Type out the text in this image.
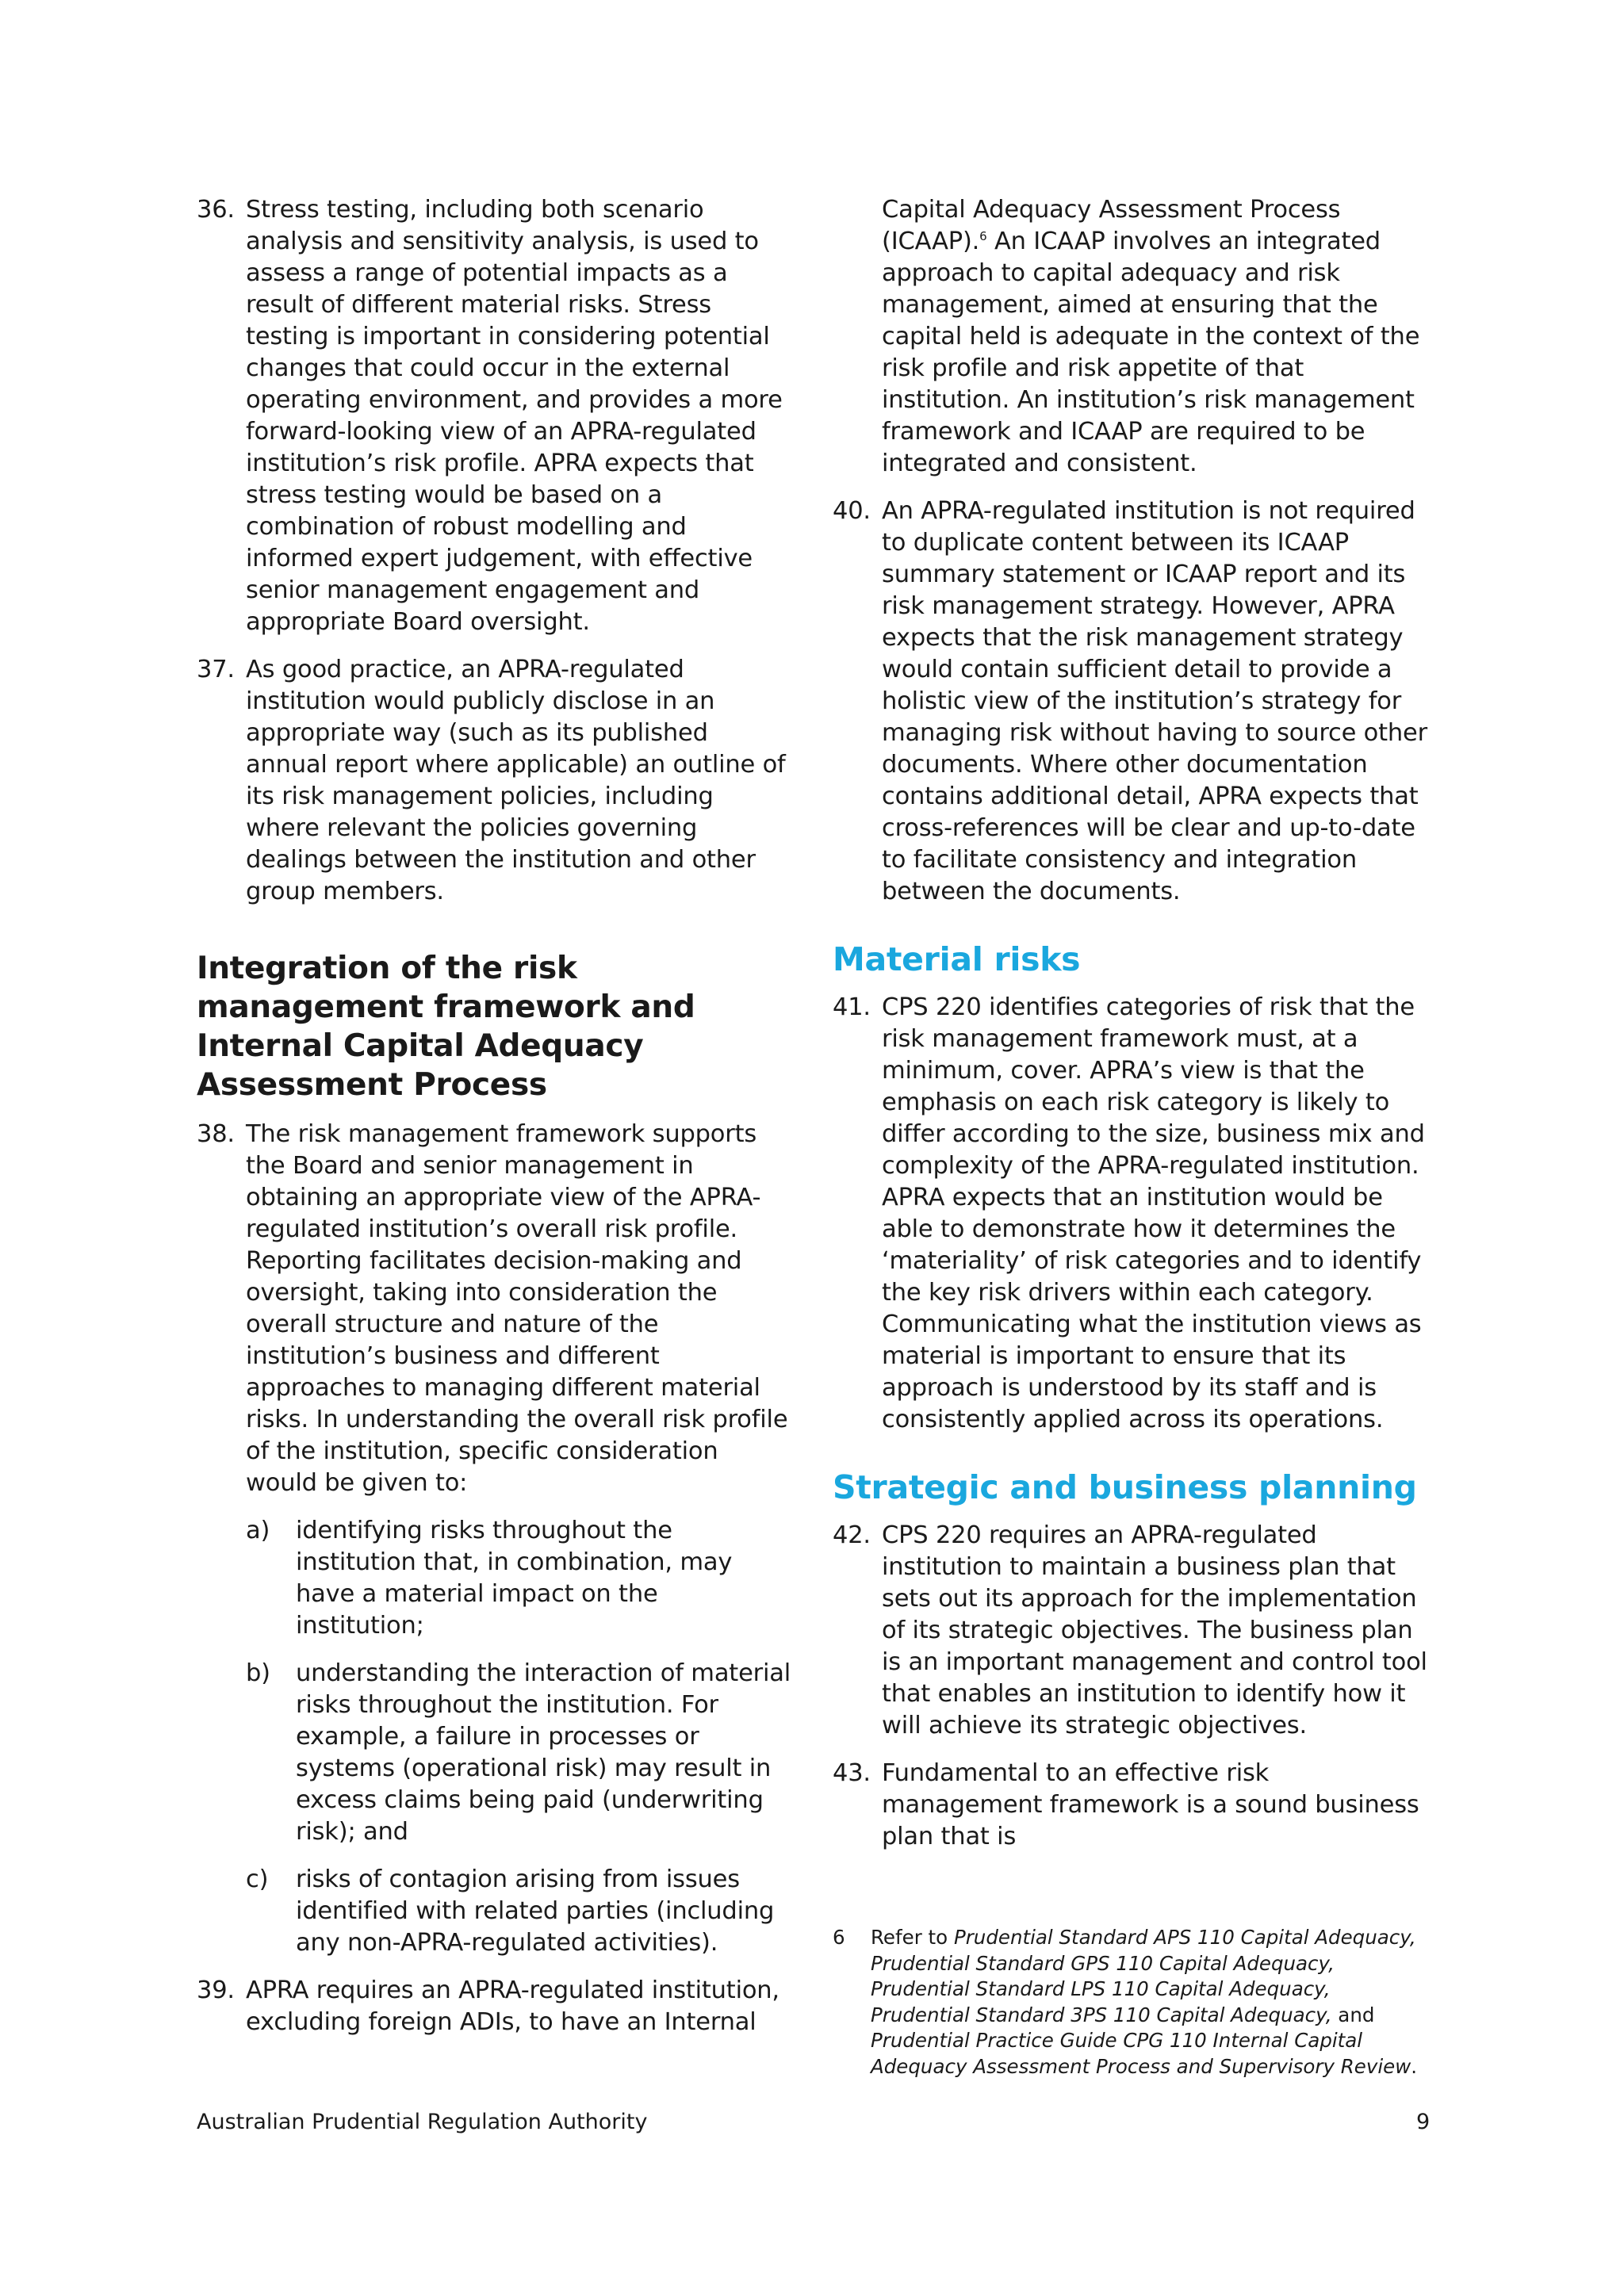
36. Stress testing, including both scenario analysis and sensitivity analysis, is used to assess a range of potential impacts as a result of different material risks. Stress testing is important in considering potential changes that could occur in the external operating environment, and provides a more forward-looking view of an APRA-regulated institution’s risk profile. APRA expects that stress testing would be based on a combination of robust modelling and informed expert judgement, with effective senior management engagement and appropriate Board oversight.
37. As good practice, an APRA-regulated institution would publicly disclose in an appropriate way (such as its published annual report where applicable) an outline of its risk management policies, including where relevant the policies governing dealings between the institution and other group members.
Integration of the risk management framework and Internal Capital Adequacy Assessment Process
38. The risk management framework supports the Board and senior management in obtaining an appropriate view of the APRA-regulated institution’s overall risk profile. Reporting facilitates decision-making and oversight, taking into consideration the overall structure and nature of the institution’s business and different approaches to managing different material risks. In understanding the overall risk profile of the institution, specific consideration would be given to:
a) identifying risks throughout the institution that, in combination, may have a material impact on the institution;
b) understanding the interaction of material risks throughout the institution. For example, a failure in processes or systems (operational risk) may result in excess claims being paid (underwriting risk); and
c) risks of contagion arising from issues identified with related parties (including any non-APRA-regulated activities).
39. APRA requires an APRA-regulated institution, excluding foreign ADIs, to have an Internal
Capital Adequacy Assessment Process (ICAAP).$^6$ An ICAAP involves an integrated approach to capital adequacy and risk management, aimed at ensuring that the capital held is adequate in the context of the risk profile and risk appetite of that institution. An institution’s risk management framework and ICAAP are required to be integrated and consistent.
40. An APRA-regulated institution is not required to duplicate content between its ICAAP summary statement or ICAAP report and its risk management strategy. However, APRA expects that the risk management strategy would contain sufficient detail to provide a holistic view of the institution’s strategy for managing risk without having to source other documents. Where other documentation contains additional detail, APRA expects that cross-references will be clear and up-to-date to facilitate consistency and integration between the documents.
Material risks
41. CPS 220 identifies categories of risk that the risk management framework must, at a minimum, cover. APRA’s view is that the emphasis on each risk category is likely to differ according to the size, business mix and complexity of the APRA-regulated institution. APRA expects that an institution would be able to demonstrate how it determines the ‘materiality’ of risk categories and to identify the key risk drivers within each category. Communicating what the institution views as material is important to ensure that its approach is understood by its staff and is consistently applied across its operations.
Strategic and business planning
42. CPS 220 requires an APRA-regulated institution to maintain a business plan that sets out its approach for the implementation of its strategic objectives. The business plan is an important management and control tool that enables an institution to identify how it will achieve its strategic objectives.
43. Fundamental to an effective risk management framework is a sound business plan that is
6	Refer to Prudential Standard APS 110 Capital Adequacy, Prudential Standard GPS 110 Capital Adequacy, Prudential Standard LPS 110 Capital Adequacy, Prudential Standard 3PS 110 Capital Adequacy, and Prudential Practice Guide CPG 110 Internal Capital Adequacy Assessment Process and Supervisory Review.
Australian Prudential Regulation Authority	9
